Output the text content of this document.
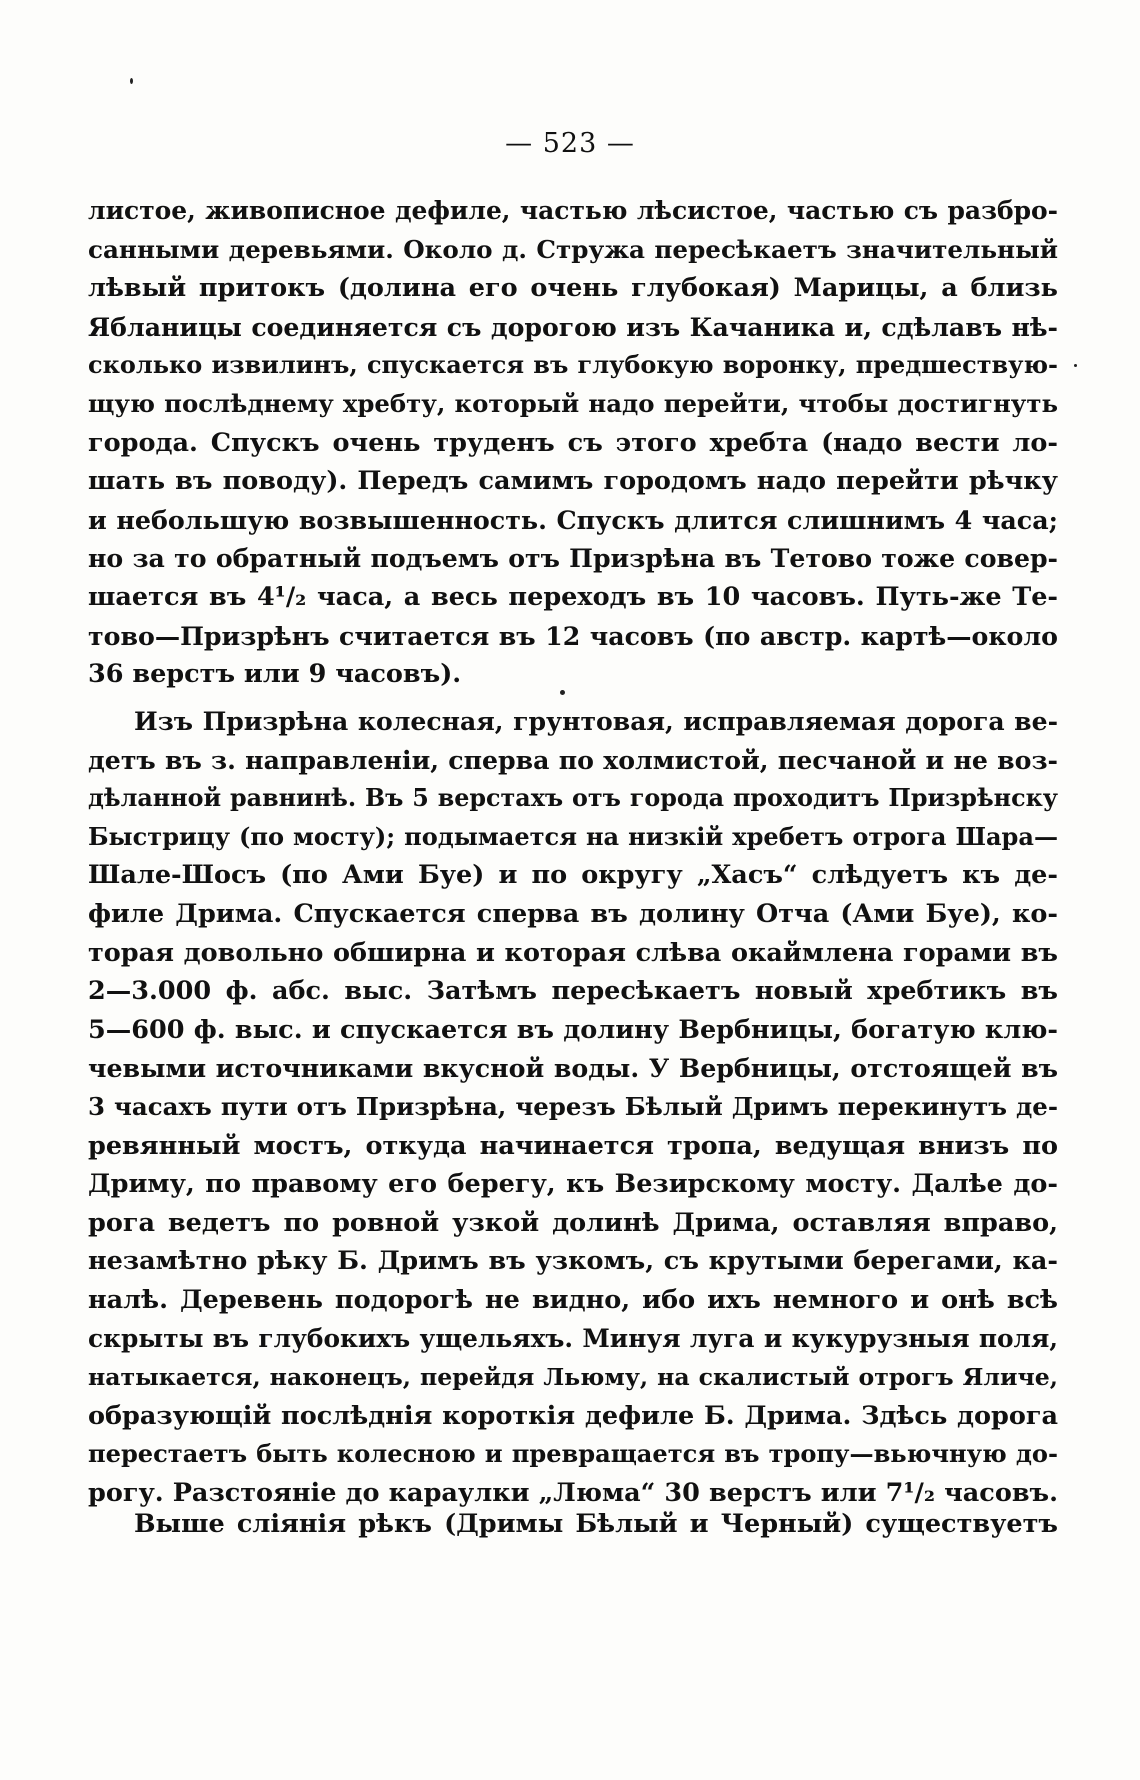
— 523 —
листое, живописное дефиле, частью лѣсистое, частью съ разбро-
санными деревьями. Около д. Стружа пересѣкаетъ значительный
лѣвый притокъ (долина его очень глубокая) Марицы, а близь
Ябланицы соединяется съ дорогою изъ Качаника и, сдѣлавъ нѣ-
сколько извилинъ, спускается въ глубокую воронку, предшествую-
щую послѣднему хребту, который надо перейти, чтобы достигнуть
города. Спускъ очень труденъ съ этого хребта (надо вести ло-
шать въ поводу). Передъ самимъ городомъ надо перейти рѣчку
и небольшую возвышенность. Спускъ длится слишнимъ 4 часа;
но за то обратный подъемъ отъ Призрѣна въ Тетово тоже совер-
шается въ 4¹/₂ часа, а весь переходъ въ 10 часовъ. Путь-же Те-
тово—Призрѣнъ считается въ 12 часовъ (по австр. картѣ—около
36 верстъ или 9 часовъ).
Изъ Призрѣна колесная, грунтовая, исправляемая дорога ве-
детъ въ з. направленіи, сперва по холмистой, песчаной и не воз-
дѣланной равнинѣ. Въ 5 верстахъ отъ города проходитъ Призрѣнску
Быстрицу (по мосту); подымается на низкій хребетъ отрога Шара—
Шале-Шосъ (по Ами Буе) и по округу „Хасъ“ слѣдуетъ къ де-
филе Дрима. Спускается сперва въ долину Отча (Ами Буе), ко-
торая довольно обширна и которая слѣва окаймлена горами въ
2—3.000 ф. абс. выс. Затѣмъ пересѣкаетъ новый хребтикъ въ
5—600 ф. выс. и спускается въ долину Вербницы, богатую клю-
чевыми источниками вкусной воды. У Вербницы, отстоящей въ
3 часахъ пути отъ Призрѣна, черезъ Бѣлый Дримъ перекинутъ де-
ревянный мостъ, откуда начинается тропа, ведущая внизъ по
Дриму, по правому его берегу, къ Везирскому мосту. Далѣе до-
рога ведетъ по ровной узкой долинѣ Дрима, оставляя вправо,
незамѣтно рѣку Б. Дримъ въ узкомъ, съ крутыми берегами, ка-
налѣ. Деревень подорогѣ не видно, ибо ихъ немного и онѣ всѣ
скрыты въ глубокихъ ущельяхъ. Минуя луга и кукурузныя поля,
натыкается, наконецъ, перейдя Льюму, на скалистый отрогъ Яличе,
образующій послѣднія короткія дефиле Б. Дрима. Здѣсь дорога
перестаетъ быть колесною и превращается въ тропу—вьючную до-
рогу. Разстояніе до караулки „Люма“ 30 верстъ или 7¹/₂ часовъ.
Выше слiянiя рѣкъ (Дримы Бѣлый и Черный) существуетъ
